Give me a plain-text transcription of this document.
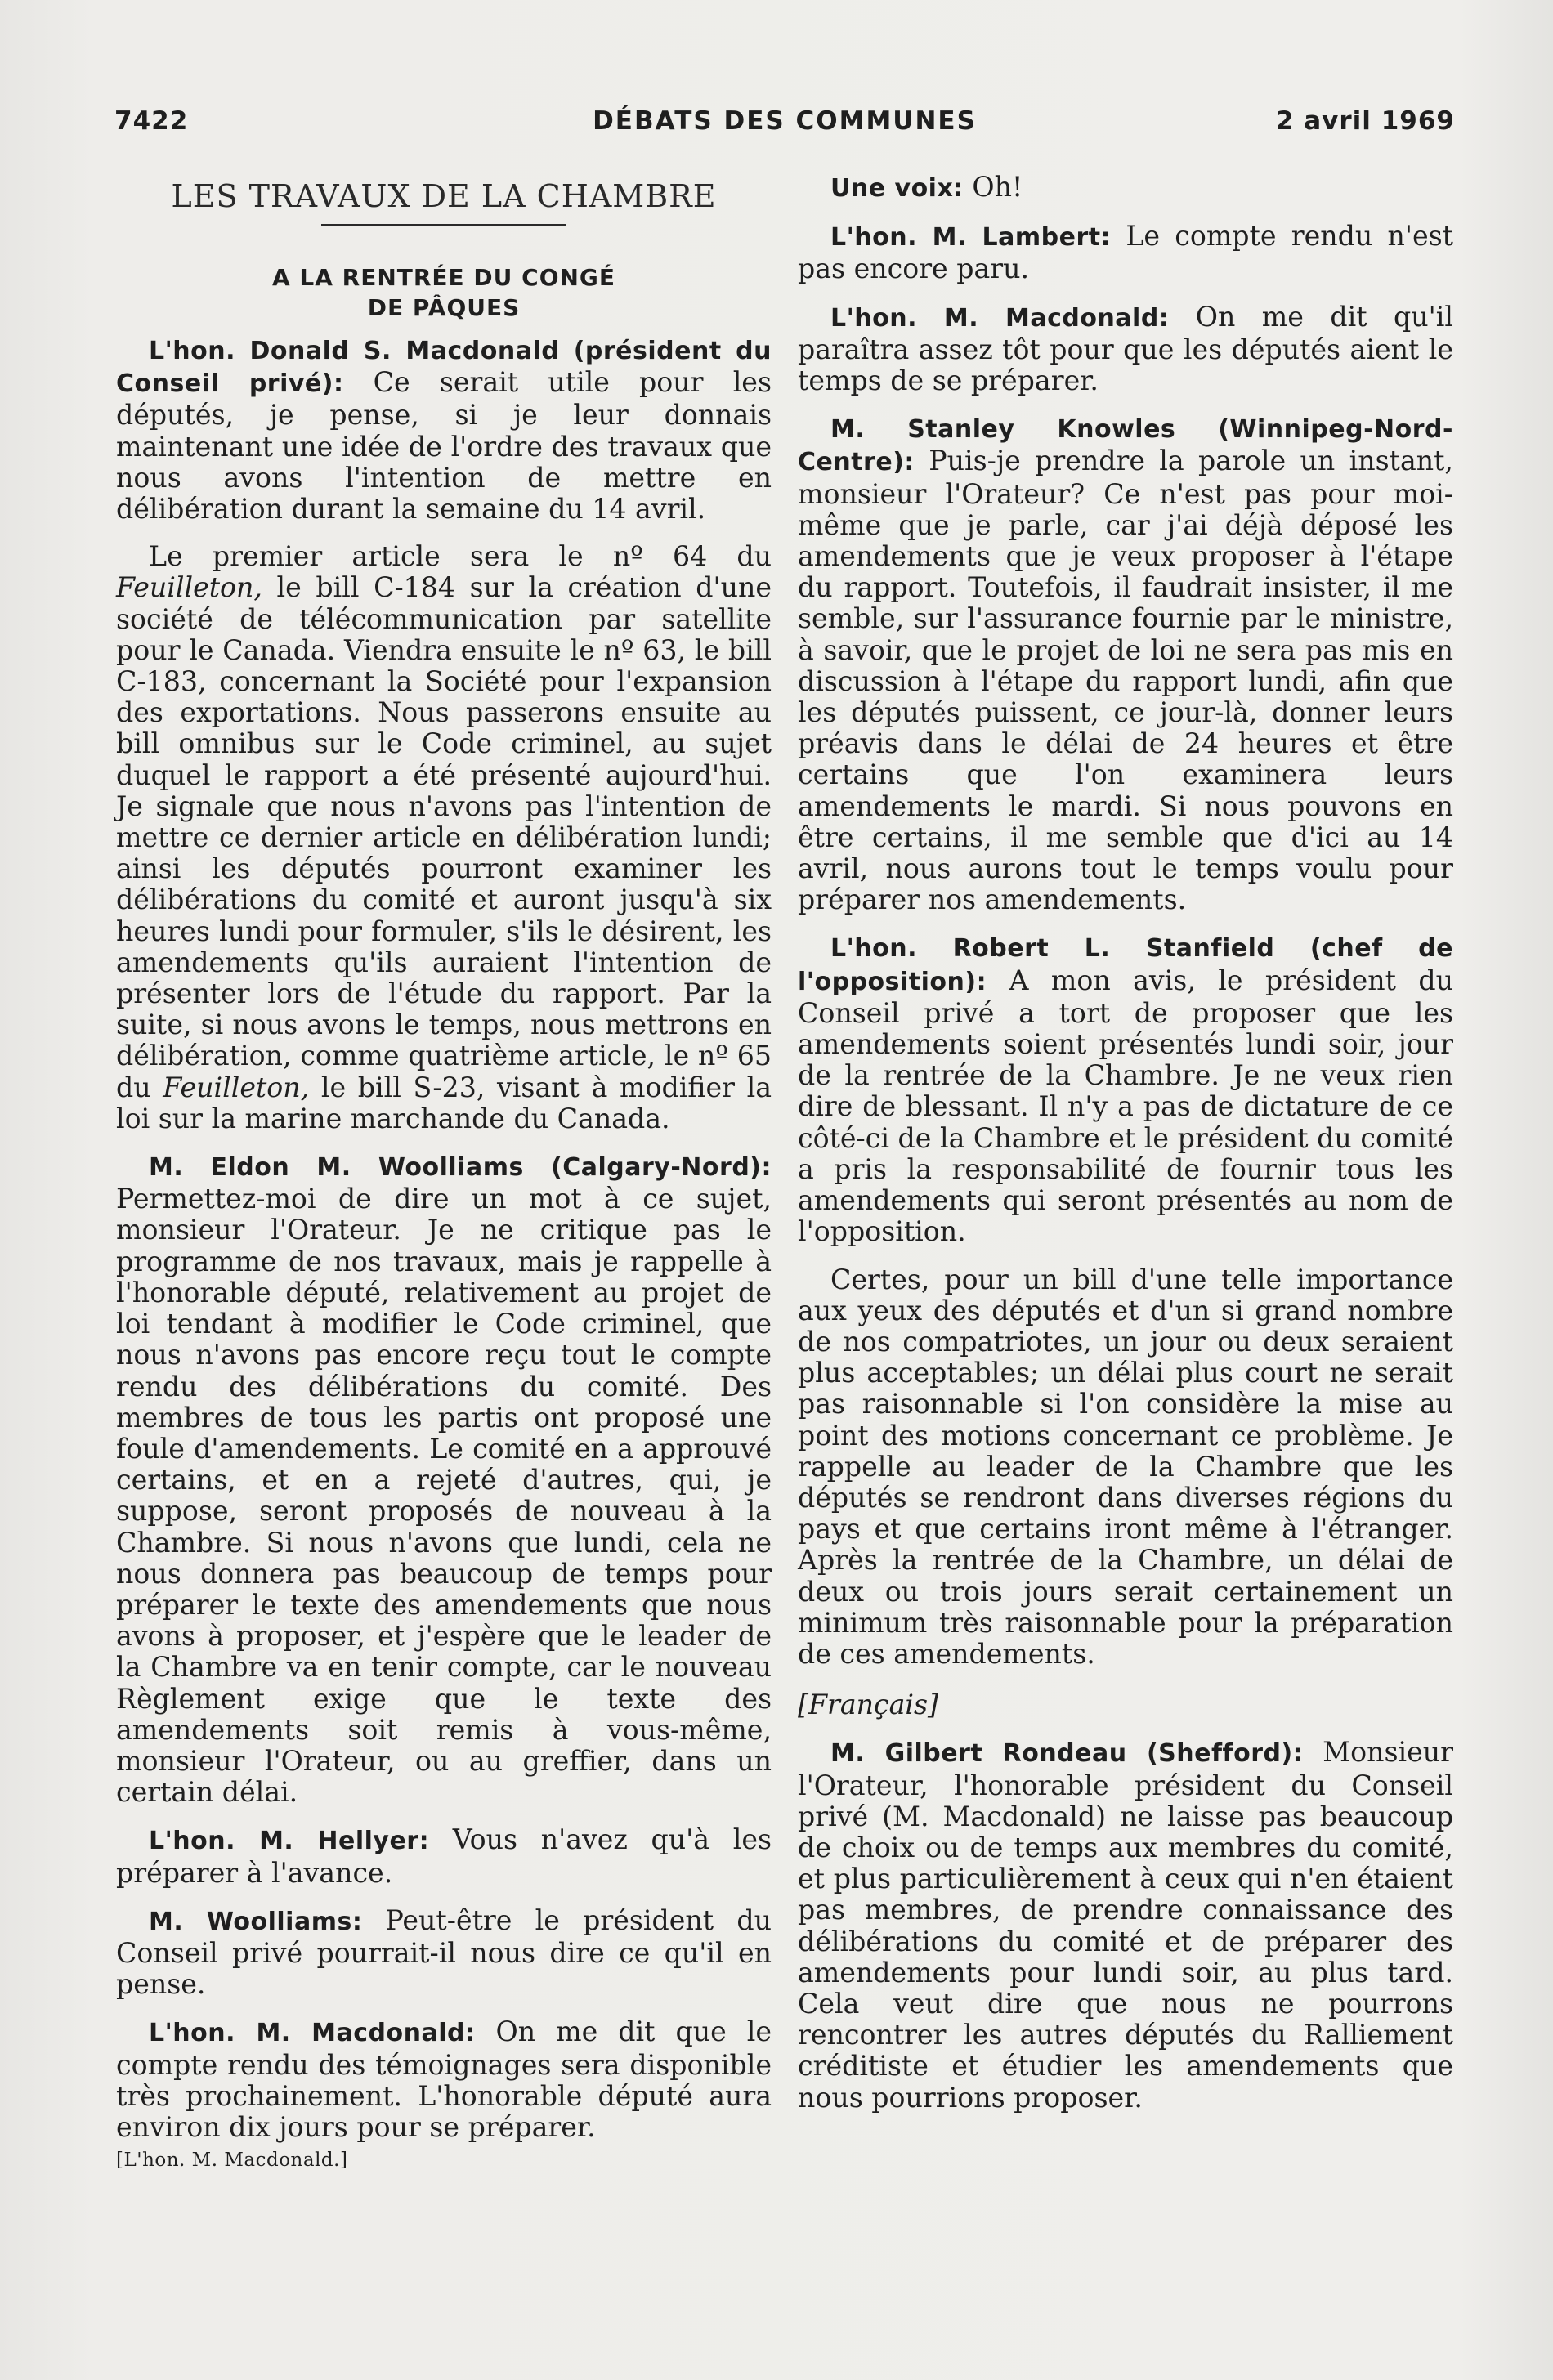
7422	DÉBATS DES COMMUNES	2 avril 1969
LES TRAVAUX DE LA CHAMBRE
A LA RENTRÉE DU CONGÉ
DE PÂQUES

L'hon. Donald S. Macdonald (président du Conseil privé): Ce serait utile pour les députés, je pense, si je leur donnais maintenant une idée de l'ordre des travaux que nous avons l'intention de mettre en délibération durant la semaine du 14 avril.

Le premier article sera le nº 64 du Feuilleton, le bill C-184 sur la création d'une société de télécommunication par satellite pour le Canada. Viendra ensuite le nº 63, le bill C-183, concernant la Société pour l'expansion des exportations. Nous passerons ensuite au bill omnibus sur le Code criminel, au sujet duquel le rapport a été présenté aujourd'hui. Je signale que nous n'avons pas l'intention de mettre ce dernier article en délibération lundi; ainsi les députés pourront examiner les délibérations du comité et auront jusqu'à six heures lundi pour formuler, s'ils le désirent, les amendements qu'ils auraient l'intention de présenter lors de l'étude du rapport. Par la suite, si nous avons le temps, nous mettrons en délibération, comme quatrième article, le nº 65 du Feuilleton, le bill S-23, visant à modifier la loi sur la marine marchande du Canada.

M. Eldon M. Woolliams (Calgary-Nord): Permettez-moi de dire un mot à ce sujet, monsieur l'Orateur. Je ne critique pas le programme de nos travaux, mais je rappelle à l'honorable député, relativement au projet de loi tendant à modifier le Code criminel, que nous n'avons pas encore reçu tout le compte rendu des délibérations du comité. Des membres de tous les partis ont proposé une foule d'amendements. Le comité en a approuvé certains, et en a rejeté d'autres, qui, je suppose, seront proposés de nouveau à la Chambre. Si nous n'avons que lundi, cela ne nous donnera pas beaucoup de temps pour préparer le texte des amendements que nous avons à proposer, et j'espère que le leader de la Chambre va en tenir compte, car le nouveau Règlement exige que le texte des amendements soit remis à vous-même, monsieur l'Orateur, ou au greffier, dans un certain délai.

L'hon. M. Hellyer: Vous n'avez qu'à les préparer à l'avance.

M. Woolliams: Peut-être le président du Conseil privé pourrait-il nous dire ce qu'il en pense.

L'hon. M. Macdonald: On me dit que le compte rendu des témoignages sera disponible très prochainement. L'honorable député aura environ dix jours pour se préparer.

[L'hon. M. Macdonald.]

Une voix: Oh!

L'hon. M. Lambert: Le compte rendu n'est pas encore paru.

L'hon. M. Macdonald: On me dit qu'il paraîtra assez tôt pour que les députés aient le temps de se préparer.

M. Stanley Knowles (Winnipeg-Nord-Centre): Puis-je prendre la parole un instant, monsieur l'Orateur? Ce n'est pas pour moi-même que je parle, car j'ai déjà déposé les amendements que je veux proposer à l'étape du rapport. Toutefois, il faudrait insister, il me semble, sur l'assurance fournie par le ministre, à savoir, que le projet de loi ne sera pas mis en discussion à l'étape du rapport lundi, afin que les députés puissent, ce jour-là, donner leurs préavis dans le délai de 24 heures et être certains que l'on examinera leurs amendements le mardi. Si nous pouvons en être certains, il me semble que d'ici au 14 avril, nous aurons tout le temps voulu pour préparer nos amendements.

L'hon. Robert L. Stanfield (chef de l'opposition): A mon avis, le président du Conseil privé a tort de proposer que les amendements soient présentés lundi soir, jour de la rentrée de la Chambre. Je ne veux rien dire de blessant. Il n'y a pas de dictature de ce côté-ci de la Chambre et le président du comité a pris la responsabilité de fournir tous les amendements qui seront présentés au nom de l'opposition.

Certes, pour un bill d'une telle importance aux yeux des députés et d'un si grand nombre de nos compatriotes, un jour ou deux seraient plus acceptables; un délai plus court ne serait pas raisonnable si l'on considère la mise au point des motions concernant ce problème. Je rappelle au leader de la Chambre que les députés se rendront dans diverses régions du pays et que certains iront même à l'étranger. Après la rentrée de la Chambre, un délai de deux ou trois jours serait certainement un minimum très raisonnable pour la préparation de ces amendements.

[Français]

M. Gilbert Rondeau (Shefford): Monsieur l'Orateur, l'honorable président du Conseil privé (M. Macdonald) ne laisse pas beaucoup de choix ou de temps aux membres du comité, et plus particulièrement à ceux qui n'en étaient pas membres, de prendre connaissance des délibérations du comité et de préparer des amendements pour lundi soir, au plus tard. Cela veut dire que nous ne pourrons rencontrer les autres députés du Ralliement créditiste et étudier les amendements que nous pourrions proposer.
